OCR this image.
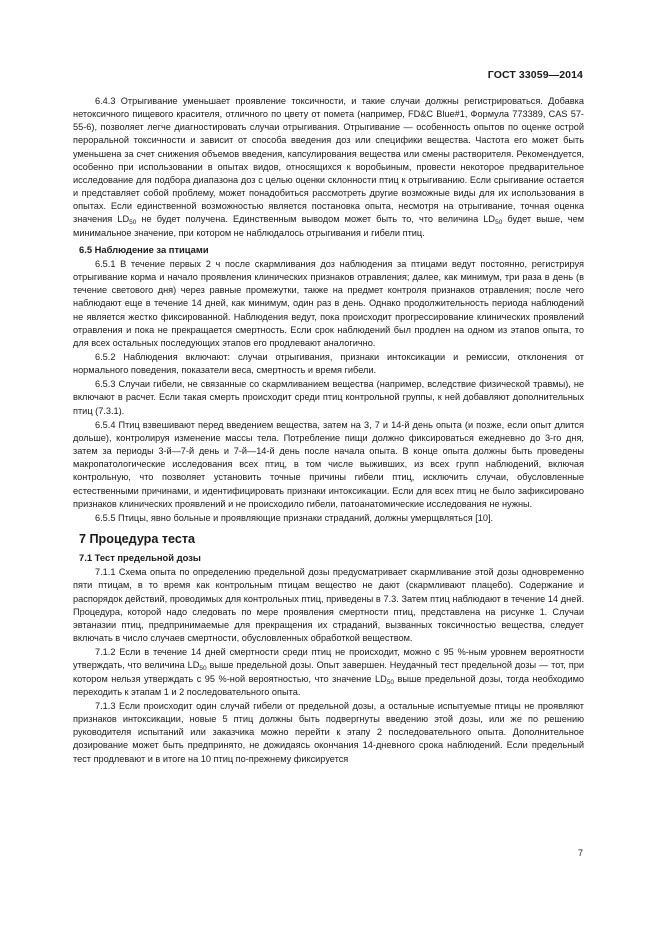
ГОСТ 33059—2014

6.4.3 Отрыгивание уменьшает проявление токсичности, и такие случаи должны регистрироваться. Добавка нетоксичного пищевого красителя, отличного по цвету от помета (например, FD&C Blue#1, Формула 773389, CAS 57-55-6), позволяет легче диагностировать случаи отрыгивания. Отрыгивание — особенность опытов по оценке острой пероральной токсичности и зависит от способа введения доз или специфики вещества. Частота его может быть уменьшена за счет снижения объемов введения, капсулирования вещества или смены растворителя. Рекомендуется, особенно при использовании в опытах видов, относящихся к воробьиным, провести некоторое предварительное исследование для подбора диапазона доз с целью оценки склонности птиц к отрыгиванию. Если срыгивание остается и представляет собой проблему, может понадобиться рассмотреть другие возможные виды для их использования в опытах. Если единственной возможностью является постановка опыта, несмотря на отрыгивание, точная оценка значения $LD_{50}$ не будет получена. Единственным выводом может быть то, что величина $LD_{50}$ будет выше, чем минимальное значение, при котором не наблюдалось отрыгивания и гибели птиц.

6.5 Наблюдение за птицами

6.5.1 В течение первых 2 ч после скармливания доз наблюдения за птицами ведут постоянно, регистрируя отрыгивание корма и начало проявления клинических признаков отравления; далее, как минимум, три раза в день (в течение светового дня) через равные промежутки, также на предмет контроля признаков отравления; после чего наблюдают еще в течение 14 дней, как минимум, один раз в день. Однако продолжительность периода наблюдений не является жестко фиксированной. Наблюдения ведут, пока происходит прогрессирование клинических проявлений отравления и пока не прекращается смертность. Если срок наблюдений был продлен на одном из этапов опыта, то для всех остальных последующих этапов его продлевают аналогично.

6.5.2 Наблюдения включают: случаи отрыгивания, признаки интоксикации и ремиссии, отклонения от нормального поведения, показатели веса, смертность и время гибели.

6.5.3 Случаи гибели, не связанные со скармливанием вещества (например, вследствие физической травмы), не включают в расчет. Если такая смерть происходит среди птиц контрольной группы, к ней добавляют дополнительных птиц (7.3.1).

6.5.4 Птиц взвешивают перед введением вещества, затем на 3, 7 и 14-й день опыта (и позже, если опыт длится дольше), контролируя изменение массы тела. Потребление пищи должно фиксироваться ежедневно до 3-го дня, затем за периоды 3-й—7-й день и 7-й—14-й день после начала опыта. В конце опыта должны быть проведены макропатологические исследования всех птиц, в том числе выживших, из всех групп наблюдений, включая контрольную, что позволяет установить точные причины гибели птиц, исключить случаи, обусловленные естественными причинами, и идентифицировать признаки интоксикации. Если для всех птиц не было зафиксировано признаков клинических проявлений и не происходило гибели, патоанатомические исследования не нужны.

6.5.5 Птицы, явно больные и проявляющие признаки страданий, должны умерщвляться [10].

7 Процедура теста
7.1 Тест предельной дозы

7.1.1 Схема опыта по определению предельной дозы предусматривает скармливание этой дозы одновременно пяти птицам, в то время как контрольным птицам вещество не дают (скармливают плацебо). Содержание и распорядок действий, проводимых для контрольных птиц, приведены в 7.3. Затем птиц наблюдают в течение 14 дней. Процедура, которой надо следовать по мере проявления смертности птиц, представлена на рисунке 1. Случаи эвтаназии птиц, предпринимаемые для прекращения их страданий, вызванных токсичностью вещества, следует включать в число случаев смертности, обусловленных обработкой веществом.

7.1.2 Если в течение 14 дней смертности среди птиц не происходит, можно с 95 %-ным уровнем вероятности утверждать, что величина $LD_{50}$ выше предельной дозы. Опыт завершен. Неудачный тест предельной дозы — тот, при котором нельзя утверждать с 95 %-ной вероятностью, что значение $LD_{50}$ выше предельной дозы, тогда необходимо переходить к этапам 1 и 2 последовательного опыта.

7.1.3 Если происходит один случай гибели от предельной дозы, а остальные испытуемые птицы не проявляют признаков интоксикации, новые 5 птиц должны быть подвергнуты введению этой дозы, или же по решению руководителя испытаний или заказчика можно перейти к этапу 2 последовательного опыта. Дополнительное дозирование может быть предпринято, не дожидаясь окончания 14-дневного срока наблюдений. Если предельный тест продлевают и в итоге на 10 птиц по-прежнему фиксируется

7
